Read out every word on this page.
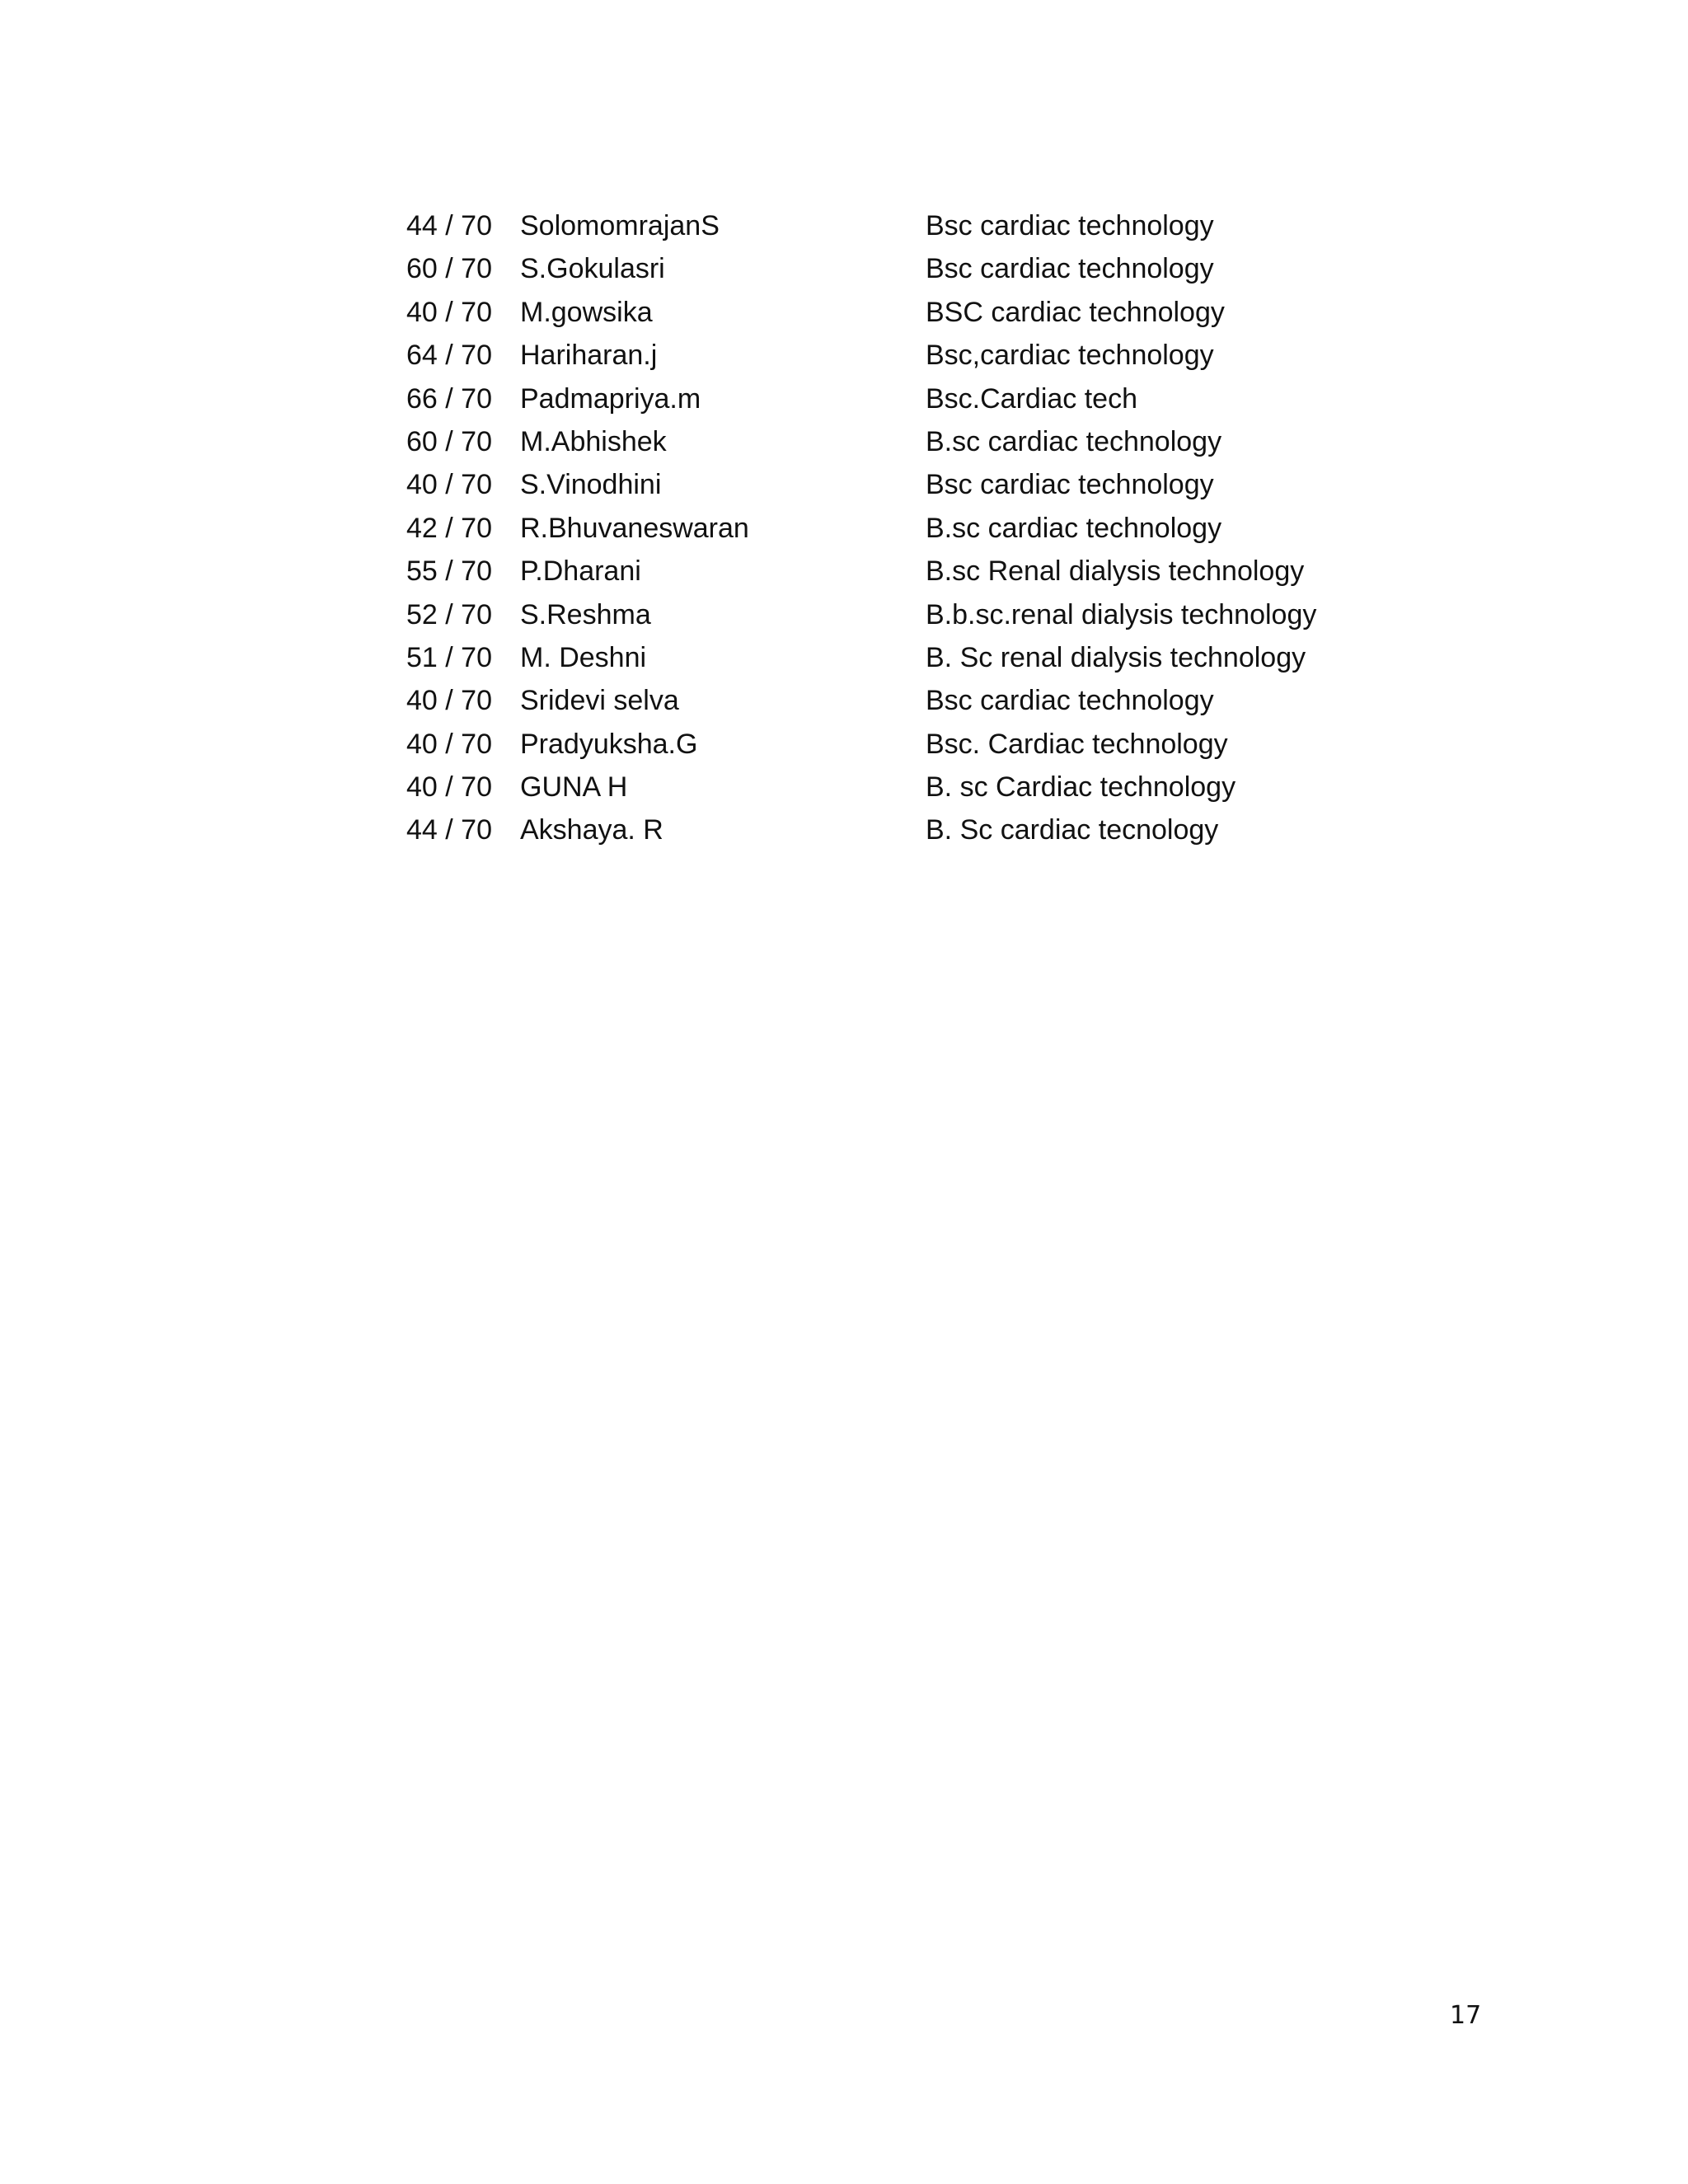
44 / 70 SolomomrajanS	Bsc cardiac technology
60 / 70 S.Gokulasri	Bsc cardiac technology
40 / 70 M.gowsika	BSC cardiac technology
64 / 70 Hariharan.j	Bsc,cardiac technology
66 / 70 Padmapriya.m	Bsc.Cardiac tech
60 / 70 M.Abhishek	B.sc cardiac technology
40 / 70 S.Vinodhini	Bsc cardiac technology
42 / 70 R.Bhuvaneswaran	B.sc cardiac technology
55 / 70 P.Dharani	B.sc Renal dialysis technology
52 / 70 S.Reshma	B.b.sc.renal dialysis technology
51 / 70 M. Deshni	B. Sc renal dialysis technology
40 / 70 Sridevi selva	Bsc cardiac technology
40 / 70 Pradyuksha.G	Bsc. Cardiac technology
40 / 70 GUNA H	B. sc Cardiac technology
44 / 70 Akshaya. R	B. Sc cardiac tecnology
17
